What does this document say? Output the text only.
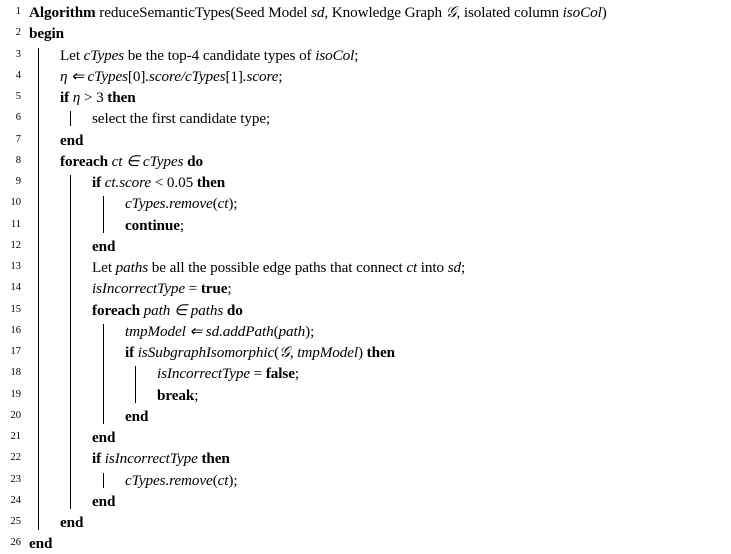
1 Algorithm reduceSemanticTypes(Seed Model sd, Knowledge Graph 𝒢, isolated column isoCol)
2 begin
3	Let cTypes be the top-4 candidate types of isoCol;
4	η ⇐ cTypes[0].score/cTypes[1].score;
5	if η > 3 then
6	select the first candidate type;
7	end
8	foreach ct ∈ cTypes do
9	if ct.score < 0.05 then
10	cTypes.remove(ct);
11	continue;
12	end
13	Let paths be all the possible edge paths that connect ct into sd;
14	isIncorrectType = true;
15	foreach path ∈ paths do
16	tmpModel ⇐ sd.addPath(path);
17	if isSubgraphIsomorphic(𝒢, tmpModel) then
18	isIncorrectType = false;
19	break;
20	end
21	end
22	if isIncorrectType then
23	cTypes.remove(ct);
24	end
25	end
26 end
